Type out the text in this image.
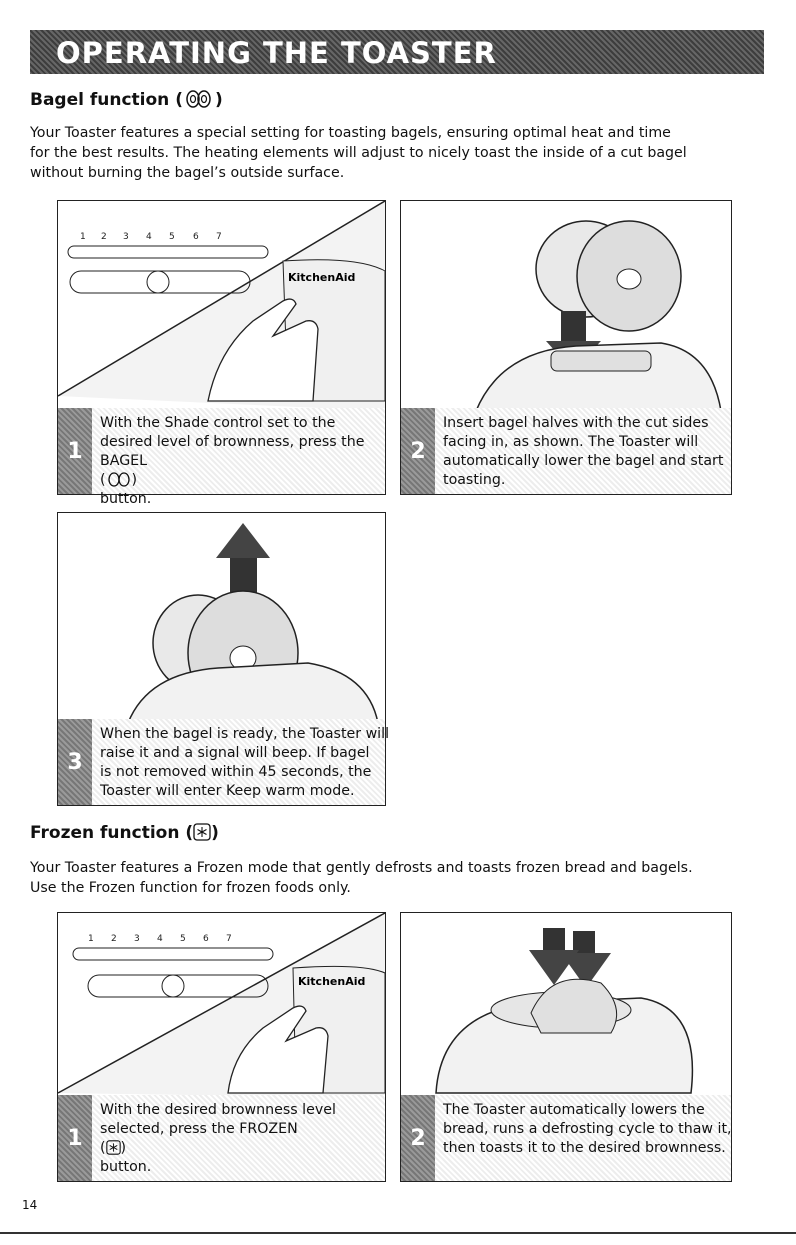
OPERATING THE TOASTER
Bagel function ( )
Your Toaster features a special setting for toasting bagels, ensuring optimal heat and time
for the best results. The heating elements will adjust to nicely toast the inside of a cut bagel
without burning the bagel’s outside surface.
1 2 3 4 5 6 7
KitchenAid
1
With the Shade control set to the
desired level of brownness, press the
BAGEL
( )
button.
2
Insert bagel halves with the cut sides
facing in, as shown. The Toaster will
automatically lower the bagel and start
toasting.
3
When the bagel is ready, the Toaster will
raise it and a signal will beep. If bagel
is not removed within 45 seconds, the
Toaster will enter Keep warm mode.
Frozen function ( )
Your Toaster features a Frozen mode that gently defrosts and toasts frozen bread and bagels.
Use the Frozen function for frozen foods only.
1 2 3 4 5 6 7
KitchenAid
1
With the desired brownness level
selected, press the FROZEN
( )
button.
2
The Toaster automatically lowers the
bread, runs a defrosting cycle to thaw it,
then toasts it to the desired brownness.
14
